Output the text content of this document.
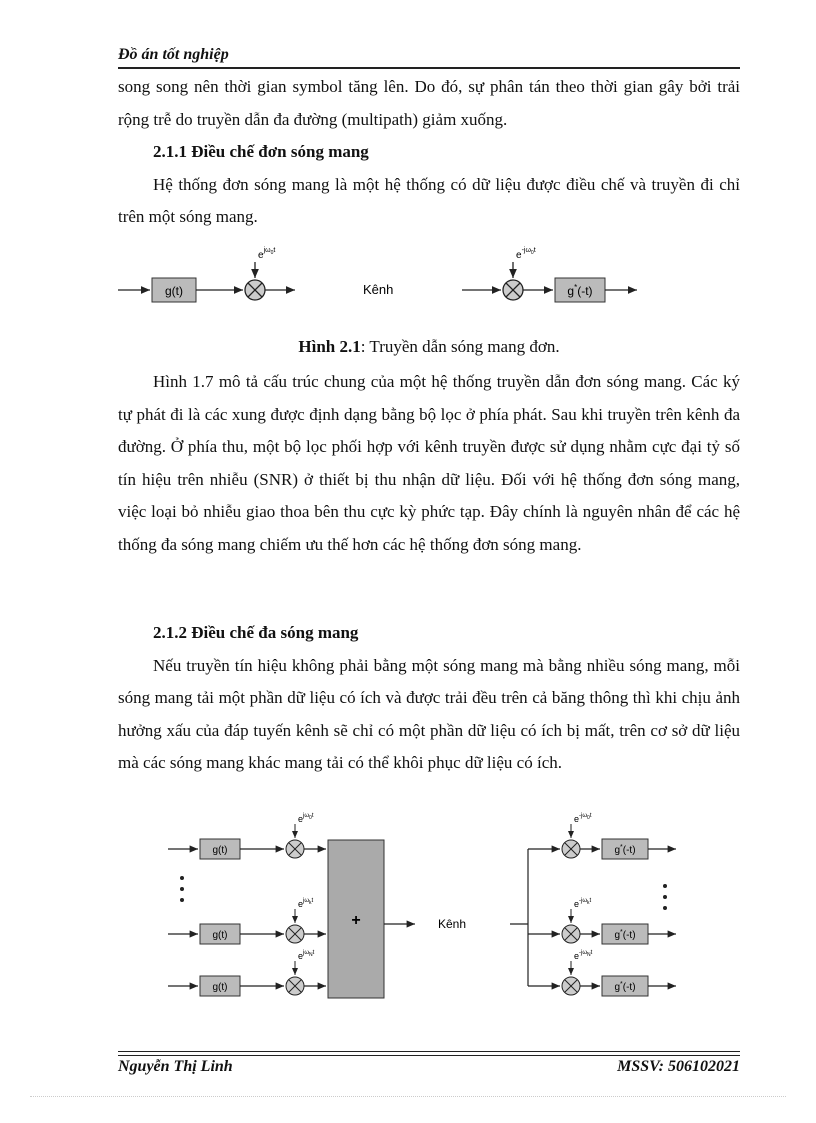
Đồ án tốt nghiệp

song song nên thời gian symbol tăng lên. Do đó, sự phân tán theo thời gian gây bởi trải rộng trễ do truyền dẫn đa đường (multipath) giảm xuống.

2.1.1 Điều chế đơn sóng mang

Hệ thống đơn sóng mang là một hệ thống có dữ liệu được điều chế và truyền đi chỉ trên một sóng mang.

g(t)
$e^{j\omega}_0^t$
Kênh
$e^{-j\omega}_0^t$
g*(-t)
Hình 2.1: Truyền dẫn sóng mang đơn.

Hình 1.7 mô tả cấu trúc chung của một hệ thống truyền dẫn đơn sóng mang. Các ký tự phát đi là các xung được định dạng bằng bộ lọc ở phía phát. Sau khi truyền trên kênh đa đường. Ở phía thu, một bộ lọc phối hợp với kênh truyền được sử dụng nhằm cực đại tỷ số tín hiệu trên nhiễu (SNR) ở thiết bị thu nhận dữ liệu. Đối với hệ thống đơn sóng mang, việc loại bỏ nhiễu giao thoa bên thu cực kỳ phức tạp. Đây chính là nguyên nhân để các hệ thống đa sóng mang chiếm ưu thế hơn các hệ thống đơn sóng mang.

2.1.2 Điều chế đa sóng mang

Nếu truyền tín hiệu không phải bằng một sóng mang mà bằng nhiều sóng mang, mỗi sóng mang tải một phần dữ liệu có ích và được trải đều trên cả băng thông thì khi chịu ảnh hưởng xấu của đáp tuyến kênh sẽ chỉ có một phần dữ liệu có ích bị mất, trên cơ sở dữ liệu mà các sóng mang khác mang tải có thể khôi phục dữ liệu có ích.

g(t)
$e^{j\omega}_0^t$
g(t)
$e^{j\omega}_k^t$
g(t)
$e^{j\omega}_N^t$
+	Kênh
$e^{-j\omega}_0^t$
g*(-t)
$e^{-j\omega}_k^t$
g*(-t)
$e^{-j\omega}_N^t$
g*(-t)
Nguyễn Thị Linh	MSSV: 506102021
